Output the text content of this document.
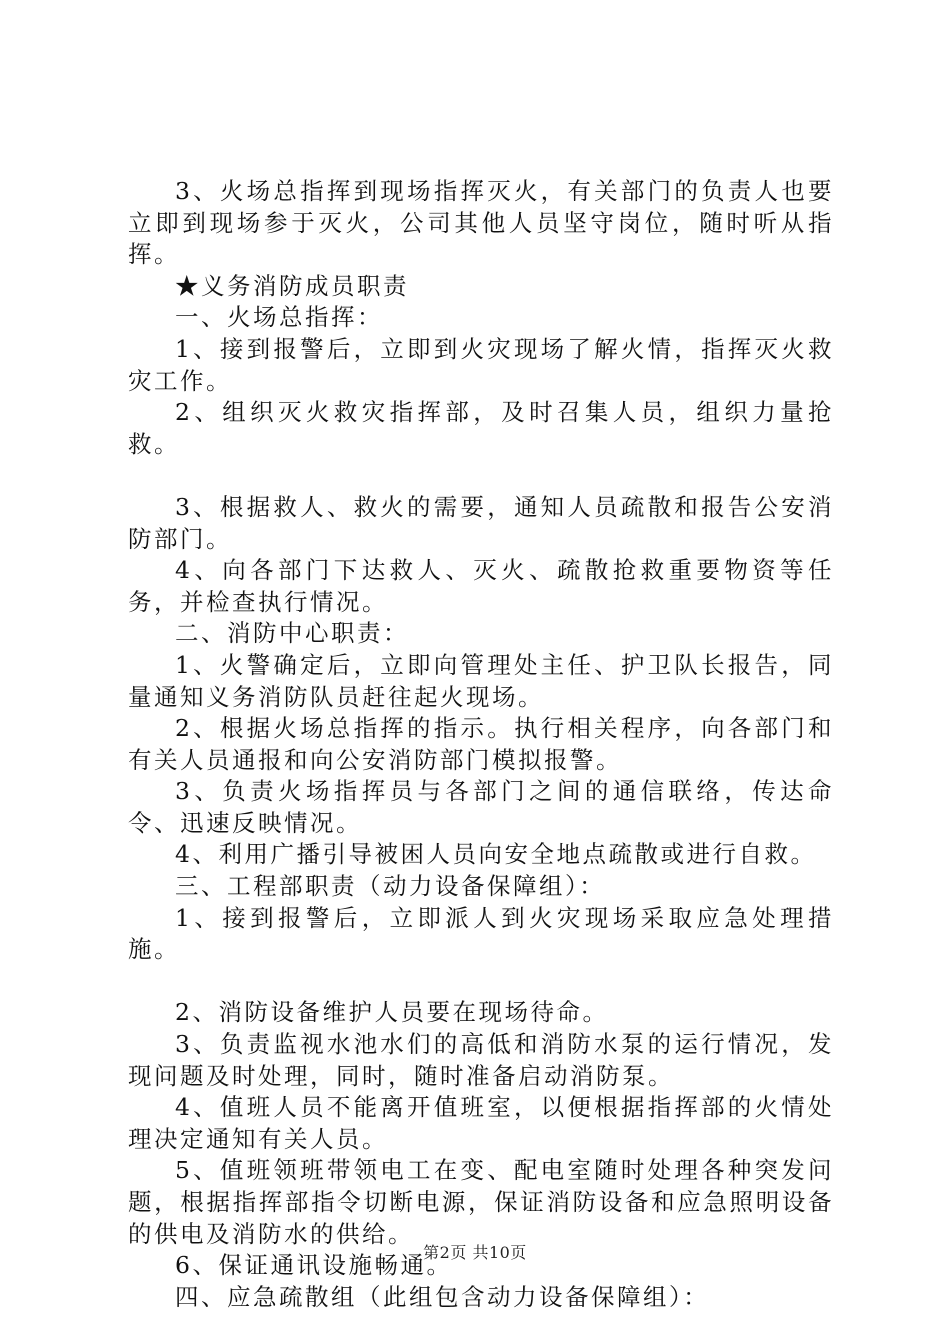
3、火场总指挥到现场指挥灭火，有关部门的负责人也要立即到现场参于灭火，公司其他人员坚守岗位，随时听从指挥。

★义务消防成员职责

一、火场总指挥：

1、接到报警后，立即到火灾现场了解火情，指挥灭火救灾工作。

2、组织灭火救灾指挥部，及时召集人员，组织力量抢救。

3、根据救人、救火的需要，通知人员疏散和报告公安消防部门。

4、向各部门下达救人、灭火、疏散抢救重要物资等任务，并检查执行情况。

二、消防中心职责：

1、火警确定后，立即向管理处主任、护卫队长报告，同量通知义务消防队员赶往起火现场。

2、根据火场总指挥的指示。执行相关程序，向各部门和有关人员通报和向公安消防部门模拟报警。

3、负责火场指挥员与各部门之间的通信联络，传达命令、迅速反映情况。

4、利用广播引导被困人员向安全地点疏散或进行自救。

三、工程部职责（动力设备保障组）：

1、接到报警后，立即派人到火灾现场采取应急处理措施。

2、消防设备维护人员要在现场待命。

3、负责监视水池水们的高低和消防水泵的运行情况，发现问题及时处理，同时，随时准备启动消防泵。

4、值班人员不能离开值班室，以便根据指挥部的火情处理决定通知有关人员。

5、值班领班带领电工在变、配电室随时处理各种突发问题，根据指挥部指令切断电源，保证消防设备和应急照明设备的供电及消防水的供给。

6、保证通讯设施畅通。

四、应急疏散组（此组包含动力设备保障组）：

第2页 共10页
